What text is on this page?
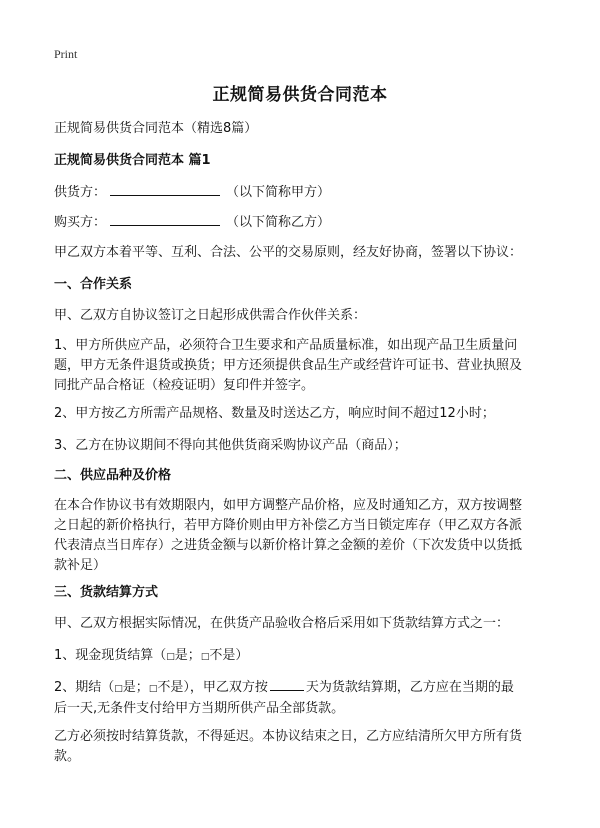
Print
正规简易供货合同范本
正规简易供货合同范本（精选8篇）
正规简易供货合同范本 篇1
供货方：	（以下简称甲方）
购买方：	（以下简称乙方）
甲乙双方本着平等、互利、合法、公平的交易原则，经友好协商，签署以下协议：
一、合作关系
甲、乙双方自协议签订之日起形成供需合作伙伴关系：
1、甲方所供应产品，必须符合卫生要求和产品质量标准，如出现产品卫生质量问
题，甲方无条件退货或换货；甲方还须提供食品生产或经营许可证书、营业执照及
同批产品合格证（检疫证明）复印件并签字。
2、甲方按乙方所需产品规格、数量及时送达乙方，响应时间不超过12小时；
3、乙方在协议期间不得向其他供货商采购协议产品（商品）；
二、供应品种及价格
在本合作协议书有效期限内，如甲方调整产品价格，应及时通知乙方，双方按调整
之日起的新价格执行，若甲方降价则由甲方补偿乙方当日锁定库存（甲乙双方各派
代表清点当日库存）之进货金额与以新价格计算之金额的差价（下次发货中以货抵
款补足）
三、货款结算方式
甲、乙双方根据实际情况，在供货产品验收合格后采用如下货款结算方式之一：
1、现金现货结算（□是；□不是）
2、期结（□是；□不是），甲乙双方按	天为货款结算期，乙方应在当期的最
后一天,无条件支付给甲方当期所供产品全部货款。
乙方必须按时结算货款，不得延迟。本协议结束之日，乙方应结清所欠甲方所有货
款。
